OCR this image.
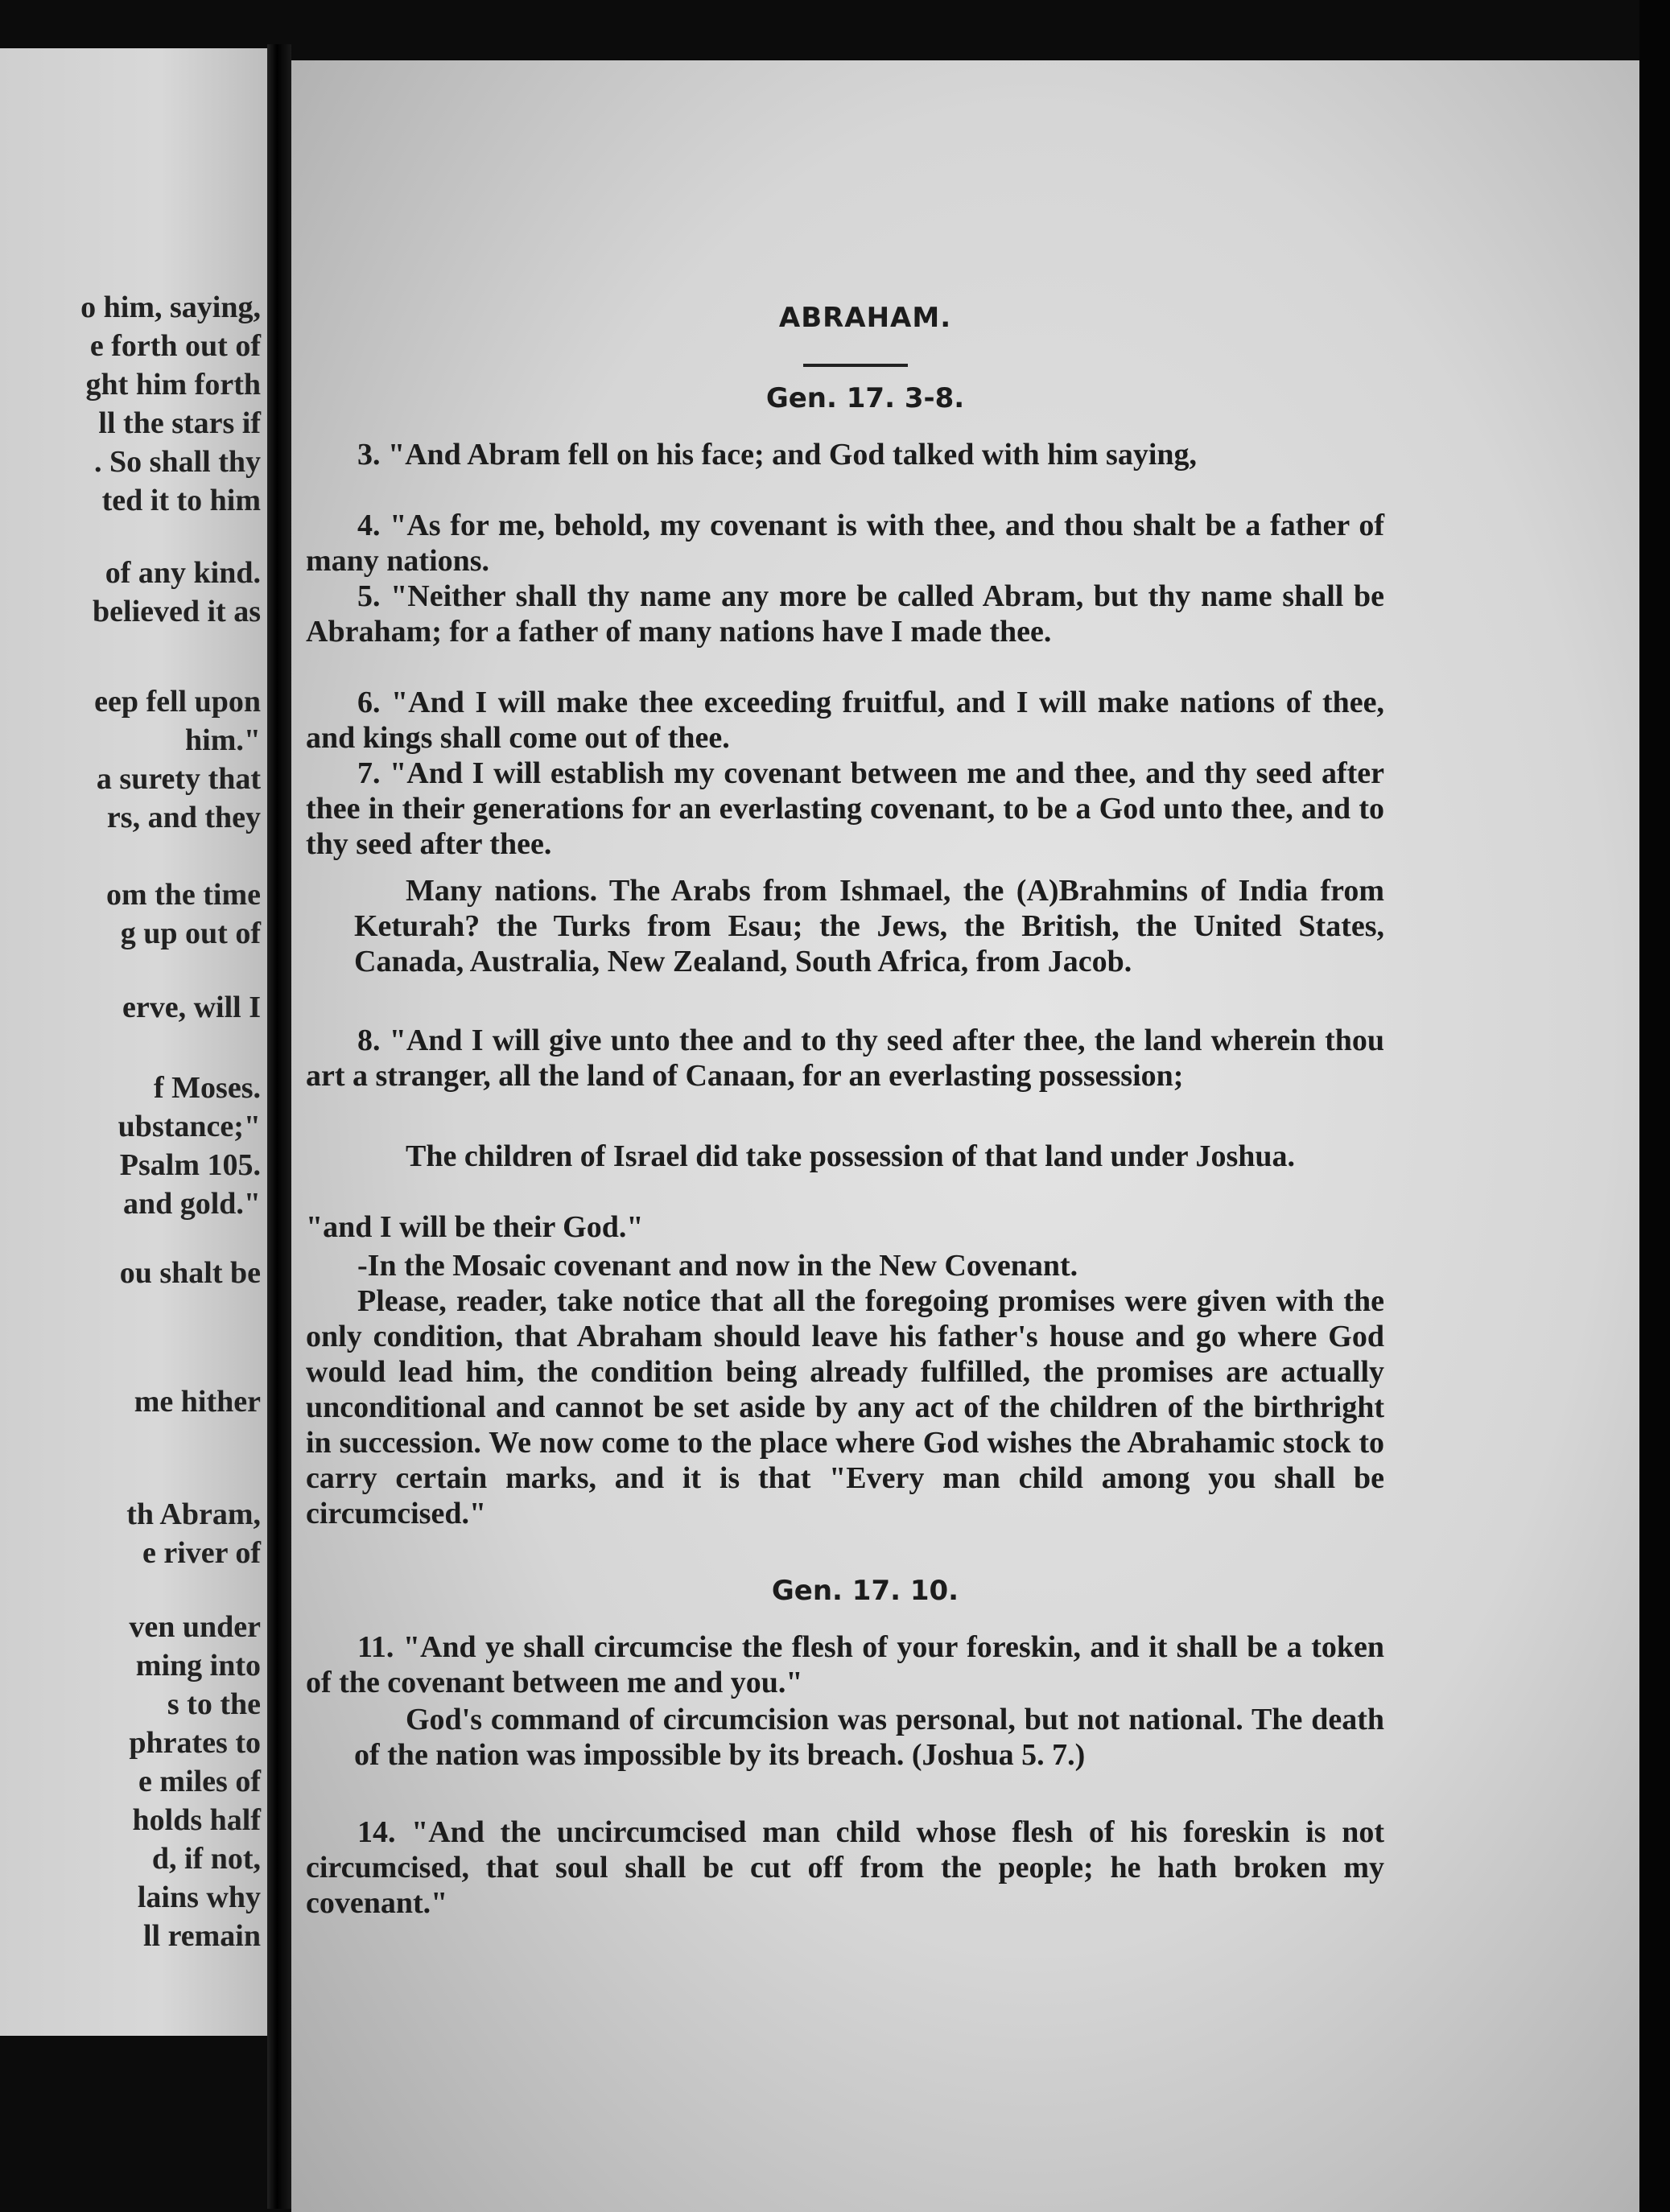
o him, saying,
e forth out of
ght him forth
ll the stars if
. So shall thy
ted it to him
of any kind.
believed it as
eep fell upon
him."
a surety that
rs, and they
om the time
g up out of
erve, will I
f Moses.
ubstance;"
Psalm 105.
and gold."
ou shalt be
me hither
th Abram,
e river of
ven under
ming into
s to the
phrates to
e miles of
holds half
d, if not,
lains why
ll remain
ABRAHAM.
Gen. 17. 3-8.

3. "And Abram fell on his face; and God talked with him saying,

4. "As for me, behold, my covenant is with thee, and thou shalt be a father of many nations.

5. "Neither shall thy name any more be called Abram, but thy name shall be Abraham; for a father of many nations have I made thee.

6. "And I will make thee exceeding fruitful, and I will make nations of thee, and kings shall come out of thee.

7. "And I will establish my covenant between me and thee, and thy seed after thee in their generations for an everlasting covenant, to be a God unto thee, and to thy seed after thee.

Many nations. The Arabs from Ishmael, the (A)Brahmins of India from Keturah? the Turks from Esau; the Jews, the British, the United States, Canada, Australia, New Zealand, South Africa, from Jacob.

8. "And I will give unto thee and to thy seed after thee, the land wherein thou art a stranger, all the land of Canaan, for an everlasting possession;

The children of Israel did take possession of that land under Joshua.

"and I will be their God."

-In the Mosaic covenant and now in the New Covenant.

Please, reader, take notice that all the foregoing promises were given with the only condition, that Abraham should leave his father's house and go where God would lead him, the condition being already fulfilled, the promises are actually unconditional and cannot be set aside by any act of the children of the birthright in succession. We now come to the place where God wishes the Abrahamic stock to carry certain marks, and it is that "Every man child among you shall be circumcised."

Gen. 17. 10.

11. "And ye shall circumcise the flesh of your foreskin, and it shall be a token of the covenant between me and you."

God's command of circumcision was personal, but not national. The death of the nation was impossible by its breach. (Joshua 5. 7.)

14. "And the uncircumcised man child whose flesh of his foreskin is not circumcised, that soul shall be cut off from the people; he hath broken my covenant."
